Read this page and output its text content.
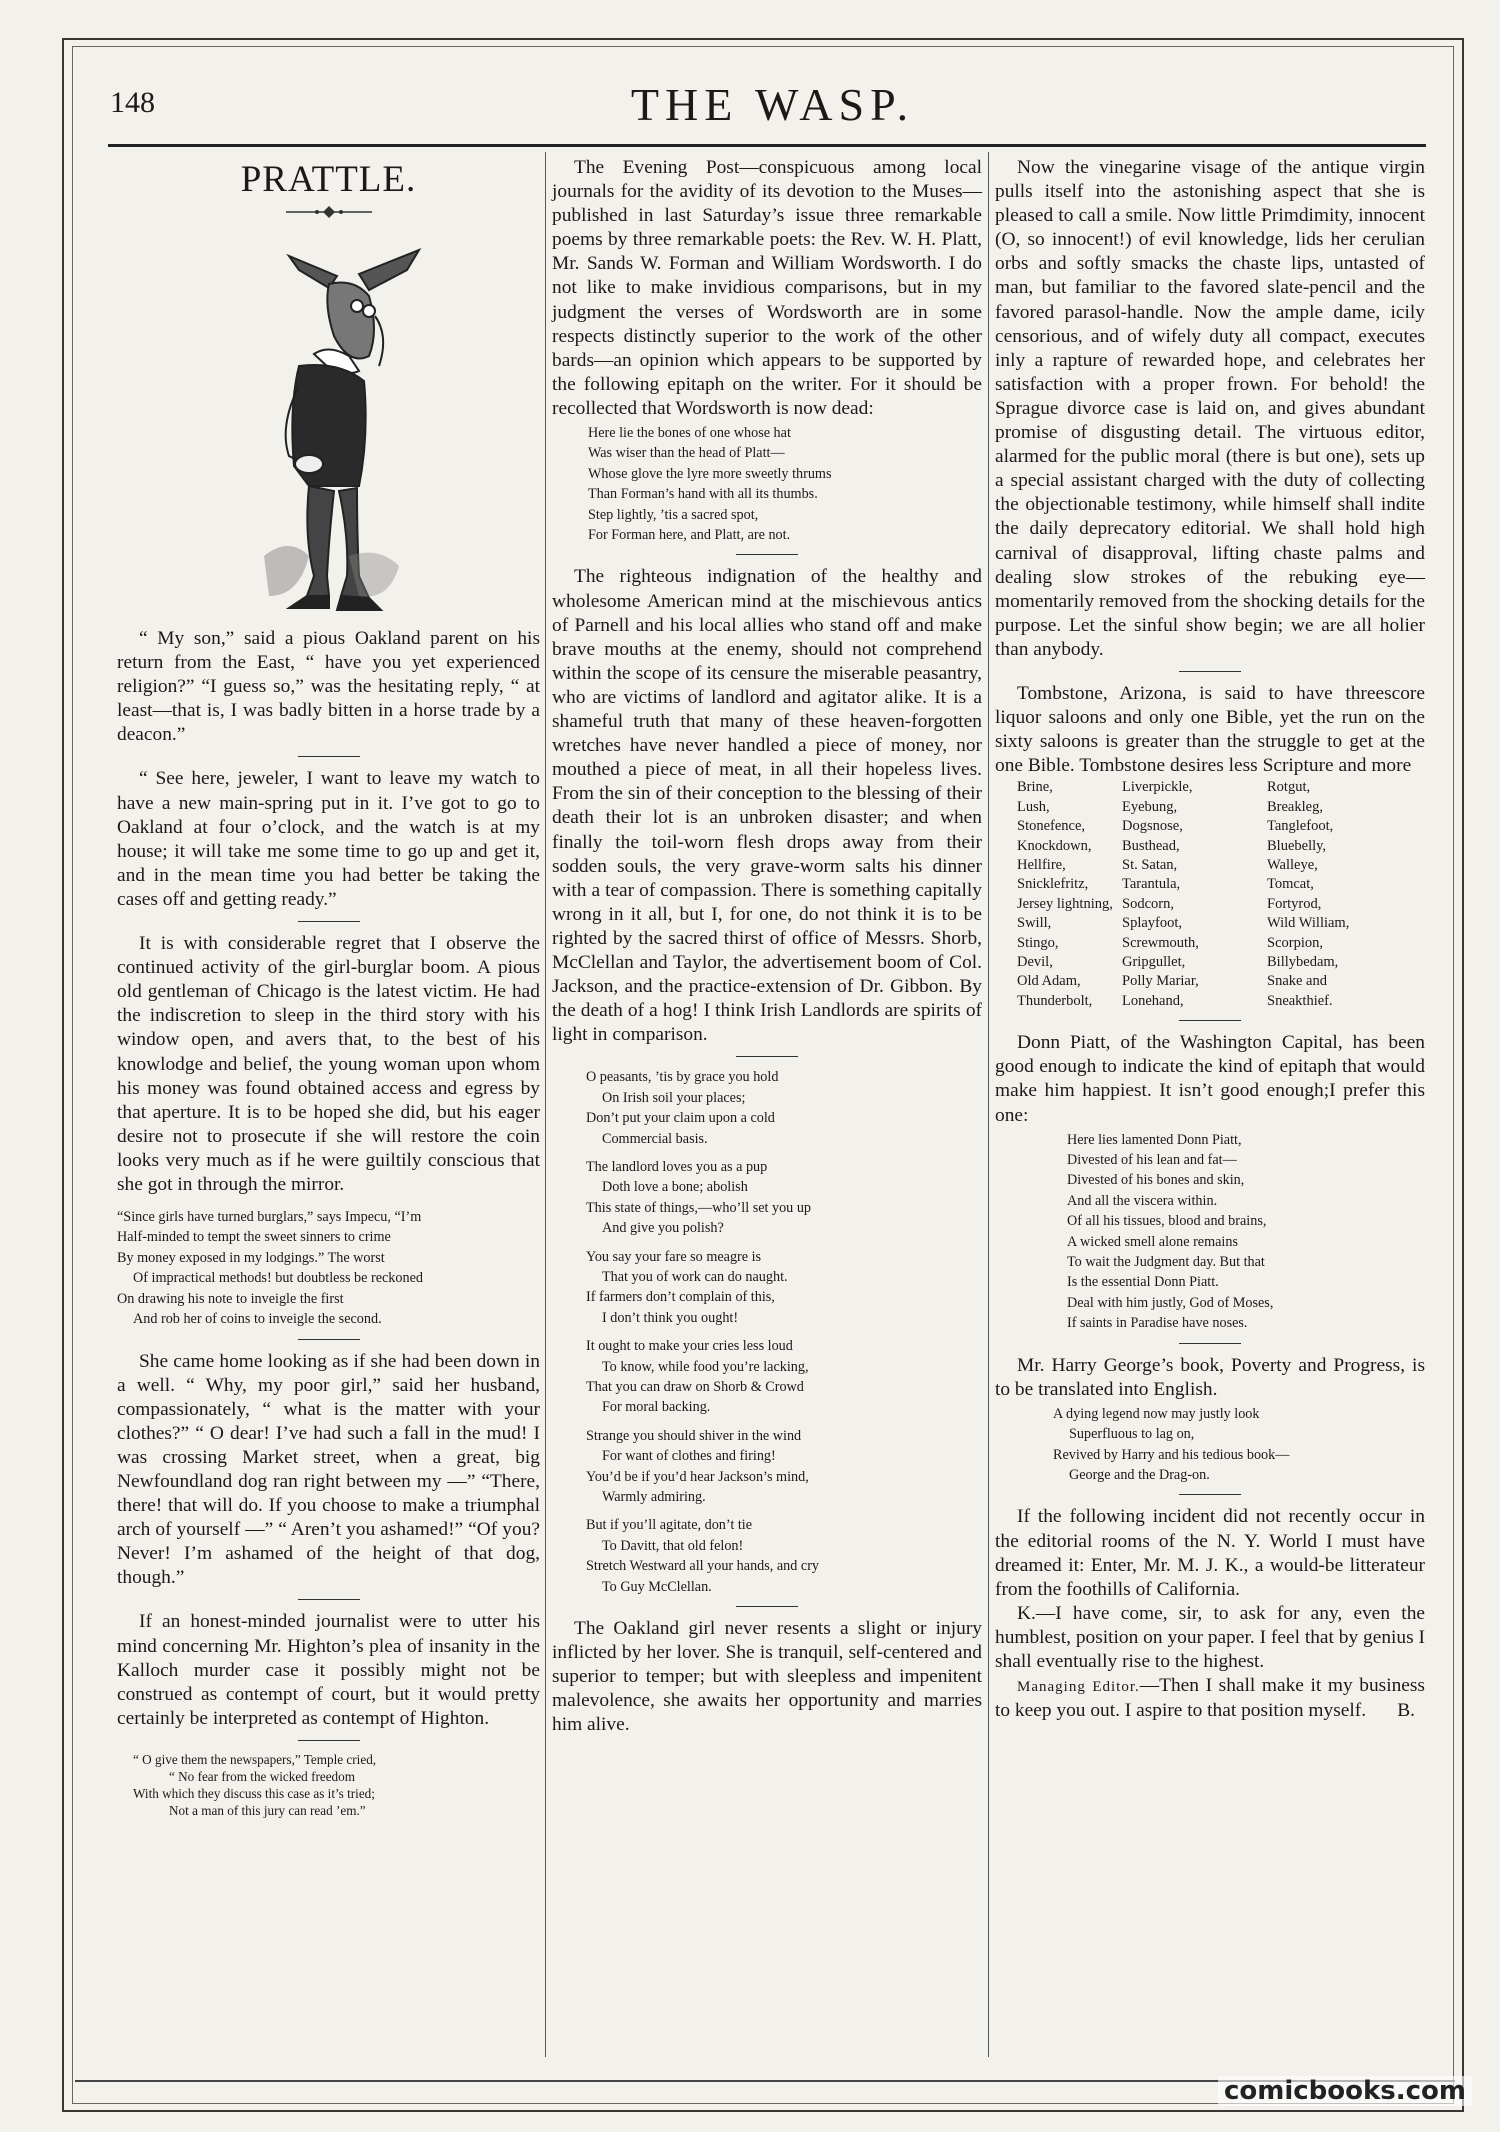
148	THE WASP.
PRATTLE.

“ My son,” said a pious Oakland parent on his return from the East, “ have you yet experienced religion?” “I guess so,” was the hesitating reply, “ at least—that is, I was badly bitten in a horse trade by a deacon.”

“ See here, jeweler, I want to leave my watch to have a new main-spring put in it. I’ve got to go to Oakland at four o’clock, and the watch is at my house; it will take me some time to go up and get it, and in the mean time you had better be taking the cases off and getting ready.”

It is with considerable regret that I observe the continued activity of the girl-burglar boom. A pious old gentleman of Chicago is the latest victim. He had the indiscretion to sleep in the third story with his window open, and avers that, to the best of his knowlodge and belief, the young woman upon whom his money was found obtained access and egress by that aperture. It is to be hoped she did, but his eager desire not to prosecute if she will restore the coin looks very much as if he were guiltily conscious that she got in through the mirror.

“Since girls have turned burglars,” says Impecu, “I’m
Half-minded to tempt the sweet sinners to crime
By money exposed in my lodgings.” The worst
Of impractical methods! but doubtless be reckoned
On drawing his note to inveigle the first
And rob her of coins to inveigle the second.

She came home looking as if she had been down in a well. “ Why, my poor girl,” said her husband, compassionately, “ what is the matter with your clothes?” “ O dear! I’ve had such a fall in the mud! I was crossing Market street, when a great, big Newfoundland dog ran right between my —” “There, there! that will do. If you choose to make a triumphal arch of yourself —” “ Aren’t you ashamed!” “Of you? Never! I’m ashamed of the height of that dog, though.”

If an honest-minded journalist were to utter his mind concerning Mr. Highton’s plea of insanity in the Kalloch murder case it possibly might not be construed as contempt of court, but it would pretty certainly be interpreted as contempt of Highton.

“ O give them the newspapers,” Temple cried,
“ No fear from the wicked freedom
With which they discuss this case as it’s tried;
Not a man of this jury can read ’em.”

The Evening Post—conspicuous among local journals for the avidity of its devotion to the Muses—published in last Saturday’s issue three remarkable poems by three remarkable poets: the Rev. W. H. Platt, Mr. Sands W. Forman and William Wordsworth. I do not like to make invidious comparisons, but in my judgment the verses of Wordsworth are in some respects distinctly superior to the work of the other bards—an opinion which appears to be supported by the following epitaph on the writer. For it should be recollected that Wordsworth is now dead:

Here lie the bones of one whose hat
Was wiser than the head of Platt—
Whose glove the lyre more sweetly thrums
Than Forman’s hand with all its thumbs.
Step lightly, ’tis a sacred spot,
For Forman here, and Platt, are not.

The righteous indignation of the healthy and wholesome American mind at the mischievous antics of Parnell and his local allies who stand off and make brave mouths at the enemy, should not comprehend within the scope of its censure the miserable peasantry, who are victims of landlord and agitator alike. It is a shameful truth that many of these heaven-forgotten wretches have never handled a piece of money, nor mouthed a piece of meat, in all their hopeless lives. From the sin of their conception to the blessing of their death their lot is an unbroken disaster; and when finally the toil-worn flesh drops away from their sodden souls, the very grave-worm salts his dinner with a tear of compassion. There is something capitally wrong in it all, but I, for one, do not think it is to be righted by the sacred thirst of office of Messrs. Shorb, McClellan and Taylor, the advertisement boom of Col. Jackson, and the practice-extension of Dr. Gibbon. By the death of a hog! I think Irish Landlords are spirits of light in comparison.

O peasants, ’tis by grace you hold
On Irish soil your places;
Don’t put your claim upon a cold
Commercial basis.
The landlord loves you as a pup
Doth love a bone; abolish
This state of things,—who’ll set you up
And give you polish?
You say your fare so meagre is
That you of work can do naught.
If farmers don’t complain of this,
I don’t think you ought!
It ought to make your cries less loud
To know, while food you’re lacking,
That you can draw on Shorb & Crowd
For moral backing.
Strange you should shiver in the wind
For want of clothes and firing!
You’d be if you’d hear Jackson’s mind,
Warmly admiring.
But if you’ll agitate, don’t tie
To Davitt, that old felon!
Stretch Westward all your hands, and cry
To Guy McClellan.

The Oakland girl never resents a slight or injury inflicted by her lover. She is tranquil, self-centered and superior to temper; but with sleepless and impenitent malevolence, she awaits her opportunity and marries him alive.

Now the vinegarine visage of the antique virgin pulls itself into the astonishing aspect that she is pleased to call a smile. Now little Primdimity, innocent (O, so innocent!) of evil knowledge, lids her cerulian orbs and softly smacks the chaste lips, untasted of man, but familiar to the favored slate-pencil and the favored parasol-handle. Now the ample dame, icily censorious, and of wifely duty all compact, executes inly a rapture of rewarded hope, and celebrates her satisfaction with a proper frown. For behold! the Sprague divorce case is laid on, and gives abundant promise of disgusting detail. The virtuous editor, alarmed for the public moral (there is but one), sets up a special assistant charged with the duty of collecting the objectionable testimony, while himself shall indite the daily deprecatory editorial. We shall hold high carnival of disapproval, lifting chaste palms and dealing slow strokes of the rebuking eye—momentarily removed from the shocking details for the purpose. Let the sinful show begin; we are all holier than anybody.

Tombstone, Arizona, is said to have threescore liquor saloons and only one Bible, yet the run on the sixty saloons is greater than the struggle to get at the one Bible. Tombstone desires less Scripture and more

Brine,	Liverpickle,	Rotgut,
Lush,	Eyebung,	Breakleg,
Stonefence,	Dogsnose,	Tanglefoot,
Knockdown,	Busthead,	Bluebelly,
Hellfire,	St. Satan,	Walleye,
Snicklefritz,	Tarantula,	Tomcat,
Jersey lightning, Sodcorn,	Fortyrod,
Swill,	Splayfoot,	Wild William,
Stingo,	Screwmouth,	Scorpion,
Devil,	Gripgullet,	Billybedam,
Old Adam,	Polly Mariar,	Snake and
Thunderbolt,	Lonehand,	Sneakthief.

Donn Piatt, of the Washington Capital, has been good enough to indicate the kind of epitaph that would make him happiest. It isn’t good enough;I prefer this one:

Here lies lamented Donn Piatt,
Divested of his lean and fat—
Divested of his bones and skin,
And all the viscera within.
Of all his tissues, blood and brains,
A wicked smell alone remains
To wait the Judgment day. But that
Is the essential Donn Piatt.
Deal with him justly, God of Moses,
If saints in Paradise have noses.

Mr. Harry George’s book, Poverty and Progress, is to be translated into English.

A dying legend now may justly look
Superfluous to lag on,
Revived by Harry and his tedious book—
George and the Drag-on.

If the following incident did not recently occur in the editorial rooms of the N. Y. World I must have dreamed it: Enter, Mr. M. J. K., a would-be litterateur from the foothills of California.

K.—I have come, sir, to ask for any, even the humblest, position on your paper. I feel that by genius I shall eventually rise to the highest.

Managing Editor.—Then I shall make it my business to keep you out. I aspire to that position myself.	B.

comicbooks.com
